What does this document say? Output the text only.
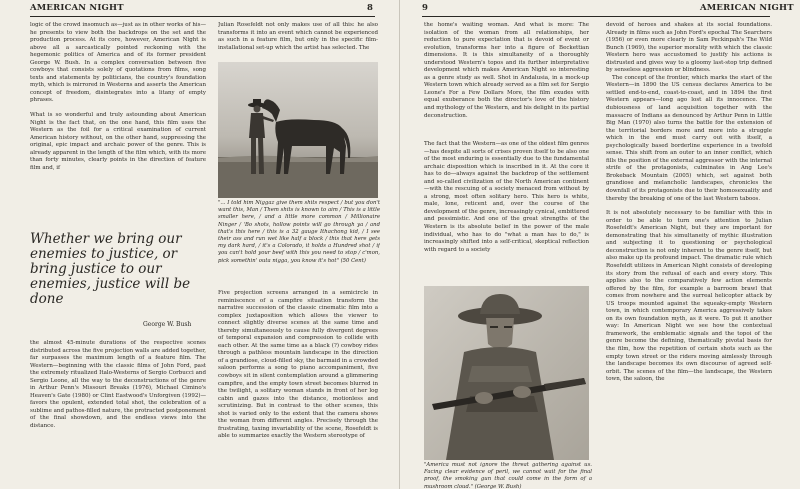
AMERICAN NIGHT	8

logic of the crowd insomuch as—just as in other works of his—he presents to view both the backdrops on the set and the production process. At its core, however, American Night is above all a sarcastically pointed reckoning with the hegemonic politics of America and of its former president George W. Bush. In a complex conversation between five cowboys that consists solely of quotations from films, song texts and statements by politicians, the country's foundation myth, which is mirrored in Westerns and asserts the American concept of freedom, disintegrates into a litany of empty phrases.

What is so wonderful and truly astounding about American Night is the fact that, on the one hand, this film uses the Western as the foil for a critical examination of current American history without, on the other hand, suppressing the original, epic impact and archaic power of the genre. This is already apparent in the length of the film which, with its more than forty minutes, clearly points in the direction of feature film and, if

Whether we bring our enemies to justice, or bring justice to our enemies, justice will be done
George W. Bush

the almost 45-minute durations of the respective scenes distributed across the five projection walls are added together, far surpasses the maximum length of a feature film. The Western—beginning with the classic films of John Ford, past the extremely ritualized Italo-Westerns of Sergio Corbucci and Sergio Leone, all the way to the deconstructions of the genre in Arthur Penn's Missouri Breaks (1976), Michael Cimino's Heaven's Gate (1980) or Clint Eastwood's Unforgiven (1992)—favors the opulent, extended total shot, the celebration of a sublime and pathos-filled nature, the protracted postponement of the final showdown, and the endless views into the distance.

Julian Rosefeldt not only makes use of all this: he also transforms it into an event which cannot be experienced as such in a feature film, but only in the specific film-installational set-up which the artist has selected. The

"... I told him Niggaz give them shits respect / but you don't want this, Man / Them shits is known to aim / This is a little smaller here, / and a little more common / Millionaire Ninger / 'Bo shots, hollow points will go through ya / and that's this here / this is a 32 gauge Ithachong kid, / I see their ass and run wet like half a block / this that here gets my dark hard, / it's a Colorado, it holds a Hundred shot / if you can't hold your beef with this you need to stop / c'mon, pick somethin' outa nigga, you know it's hot" (50 Cent)

Five projection screens arranged in a semicircle in reminiscence of a campfire situation transform the narrative succession of the classic cinematic film into a complex juxtaposition which allows the viewer to connect slightly diverse scenes at the same time and thereby simultaneously to cause fully divergent degrees of temporal expansion and compression to collide with each other. At the same time as a black (?) cowboy rides through a pathless mountain landscape in the direction of a grandiose, cloud-filled sky, the barmaid in a crowded saloon performs a song to piano accompaniment, five cowboys sit in silent contemplation around a glimmering campfire, and the empty town street becomes blurred in the twilight, a solitary woman stands in front of her log cabin and gazes into the distance, motionless and scrutinizing. But in contrast to the other scenes, this shot is varied only to the extent that the camera shows the woman from different angles. Precisely through the frustrating, taxing invariability of the scene, Rosefeldt is able to summarize exactly the Western stereotype of

9	AMERICAN NIGHT

the home's waiting woman. And what is more: The isolation of the woman from all relationships, her reduction to pure expectation that is devoid of event or evolution, transforms her into a figure of Beckettian dimensions. It is this simultaneity of a thoroughly understood Western's topos and its further interpretative development which makes American Night so interesting as a genre study as well. Shot in Andalusia, in a mock-up Western town which already served as a film set for Sergio Leone's For a Few Dollars More, the film exudes with equal exuberance both the director's love of the history and mythology of the Western, and his delight in its partial deconstruction.

The fact that the Western—as one of the oldest film genres—has despite all sorts of crises proven itself to be also one of the most enduring is essentially due to the fundamental archaic disposition which is inscribed in it. At the core it has to do—always against the backdrop of the settlement and so-called civilization of the North American continent—with the rescuing of a society menaced from without by a strong, most often solitary hero. This hero is white, male, lone, reticent and, over the course of the development of the genre, increasingly cynical, embittered and pessimistic. And one of the great strengths of the Western is its absolute belief in the power of the male individual, who has to do "what a man has to do," is increasingly shifted into a self-critical, skeptical reflection with regard to a society

"America must not ignore the threat gathering against us. Facing clear evidence of peril, we cannot wait for the final proof, the smoking gun that could come in the form of a mushroom cloud." (George W. Bush)

devoid of heroes and shakes at its social foundations. Already in films such as John Ford's epochal The Searchers (1956) or even more clearly in Sam Peckinpah's The Wild Bunch (1969), the superior morality with which the classic Western hero was accustomed to justify his actions is distrusted and gives way to a gloomy last-stop trip defined by senseless aggression or blindness.

The concept of the frontier, which marks the start of the Western—in 1890 the US census declares America to be settled end-to-end, coast-to-coast, and in 1894 the first Western appears—long ago lost all its innocence. The dubiousness of land acquisition together with the massacre of Indians as denounced by Arthur Penn in Little Big Man (1970) also turns the battle for the extension of the territorial borders more and more into a struggle which in the end must carry out with itself, a psychologically based borderline experience in a twofold sense. This shift from an outer to an inner conflict, which fills the position of the external aggressor with the internal strife of the protagonists, culminates in Ang Lee's Brokeback Mountain (2005) which, set against both grandiose and melancholic landscapes, chronicles the downfall of its protagonists due to their homosexuality and thereby the breaking of one of the last Western taboos.

It is not absolutely necessary to be familiar with this in order to be able to turn one's attention to Julian Rosefeldt's American Night, but they are important for demonstrating that his simultaneity of mythic illustration and subjecting it to questioning or psychological deconstruction is not only inherent to the genre itself, but also make up its profound impact. The dramatic rule which Rosefeldt utilizes in American Night consists of developing its story from the refusal of each and every story. This applies also to the comparatively few action elements offered by the film, for example a barroom brawl that comes from nowhere and the surreal helicopter attack by US troops mounted against the squeaky-empty Western town, in which contemporary America aggressively takes on its own foundation myth, as it were. To put it another way: In American Night we see how the contextual framework, the emblematic signals and the topoi of the genre become the defining, thematically pivotal basis for the film, how the repetition of certain shots such as the empty town street or the riders moving aimlessly through the landscape becomes its own discourse of agreed self-orbit. The scenes of the film—the landscape, the Western town, the saloon, the
